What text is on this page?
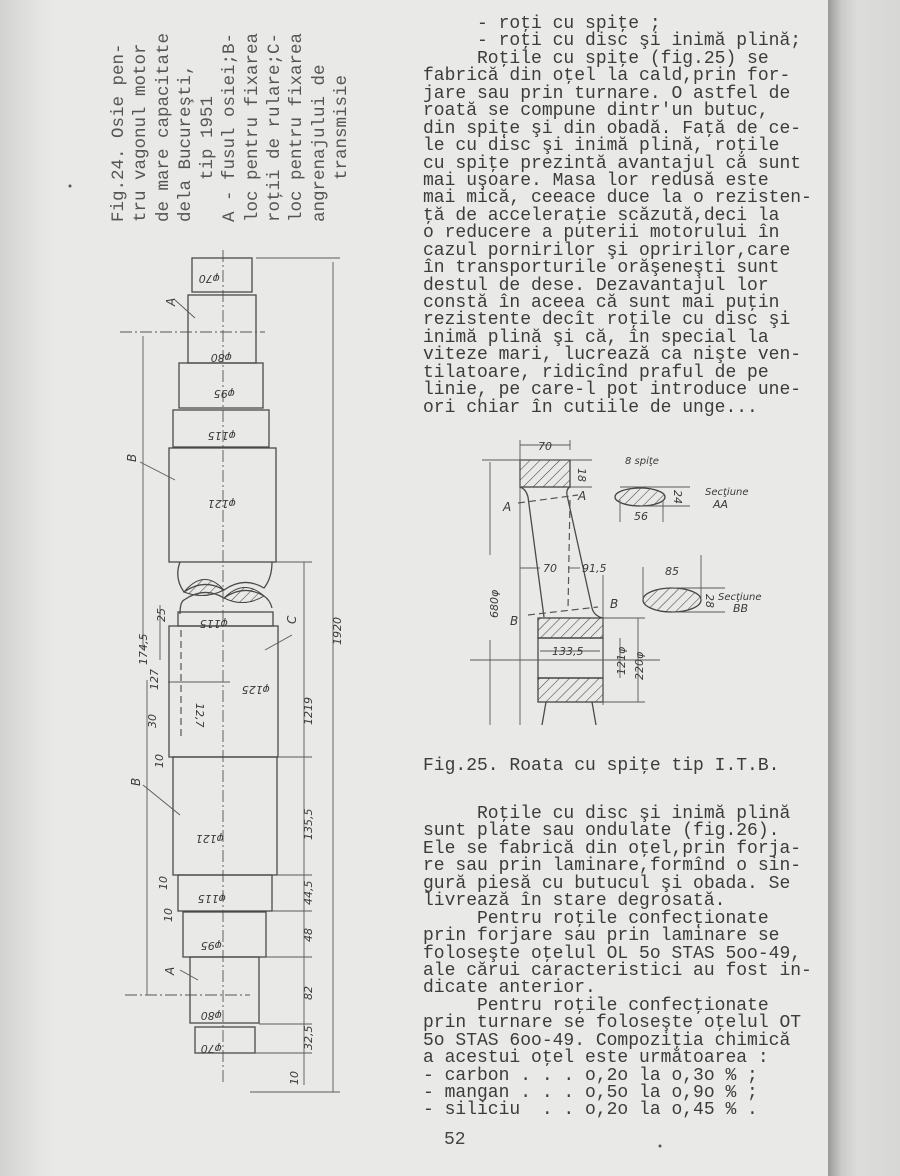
Fig.24. Osie pen- tru vagonul motor de mare capacitate dela Bucureşti, tip 1951 A - fusul osiei;B- loc pentru fixarea roţii de rulare;C- loc pentru fixarea angrenajului de transmisie
φ70
φ80
φ95
φ115
φ121
φ115
φ125
φ121
φ115
φ95
φ80
φ70
A
B
C
B
A
1920
1219
135,5
44,5
48
82
32,5
10
174,5
127
12,7
30
25
10
10
10
70
18
8 spiţe
A
A
B
B
70 91,5
680φ
133,5	121φ 220φ
56
24 Secţiune
AA
85
28 Secţiune
BB
- roţi cu spiţe ;
- roţi cu disc şi inimă plină;
Roţile cu spiţe (fig.25) se
fabrică din oţel la cald,prin for-
jare sau prin turnare. O astfel de
roată se compune dintr'un butuc,
din spiţe şi din obadă. Faţă de ce-
le cu disc şi inimă plină, roţile
cu spiţe prezintă avantajul că sunt
mai uşoare. Masa lor redusă este
mai mică, ceeace duce la o rezisten-
ţă de acceleraţie scăzută,deci la
o reducere a puterii motorului în
cazul pornirilor şi opririlor,care
în transporturile orăşeneşti sunt
destul de dese. Dezavantajul lor
constă în aceea că sunt mai puţin
rezistente decît roţile cu disc şi
inimă plină şi că, în special la
viteze mari, lucrează ca nişte ven-
tilatoare, ridicînd praful de pe
linie, pe care-l pot introduce une-
ori chiar în cutiile de unge...
Fig.25. Roata cu spiţe tip I.T.B.
Roţile cu disc şi inimă plină
sunt plate sau ondulate (fig.26).
Ele se fabrică din oţel,prin forja-
re sau prin laminare,formînd o sin-
gură piesă cu butucul şi obada. Se
livrează în stare degrosată.
Pentru roţile confecţionate
prin forjare sau prin laminare se
foloseşte oţelul OL 5o STAS 5oo-49,
ale cărui caracteristici au fost in-
dicate anterior.
Pentru roţile confecţionate
prin turnare se foloseşte oţelul OT
5o STAS 6oo-49. Compoziţia chimică
a acestui oţel este următoarea :
- carbon . . . o,2o la o,3o % ;
- mangan . . . o,5o la o,9o % ;
- siliciu  . . o,2o la o,45 % .
52
